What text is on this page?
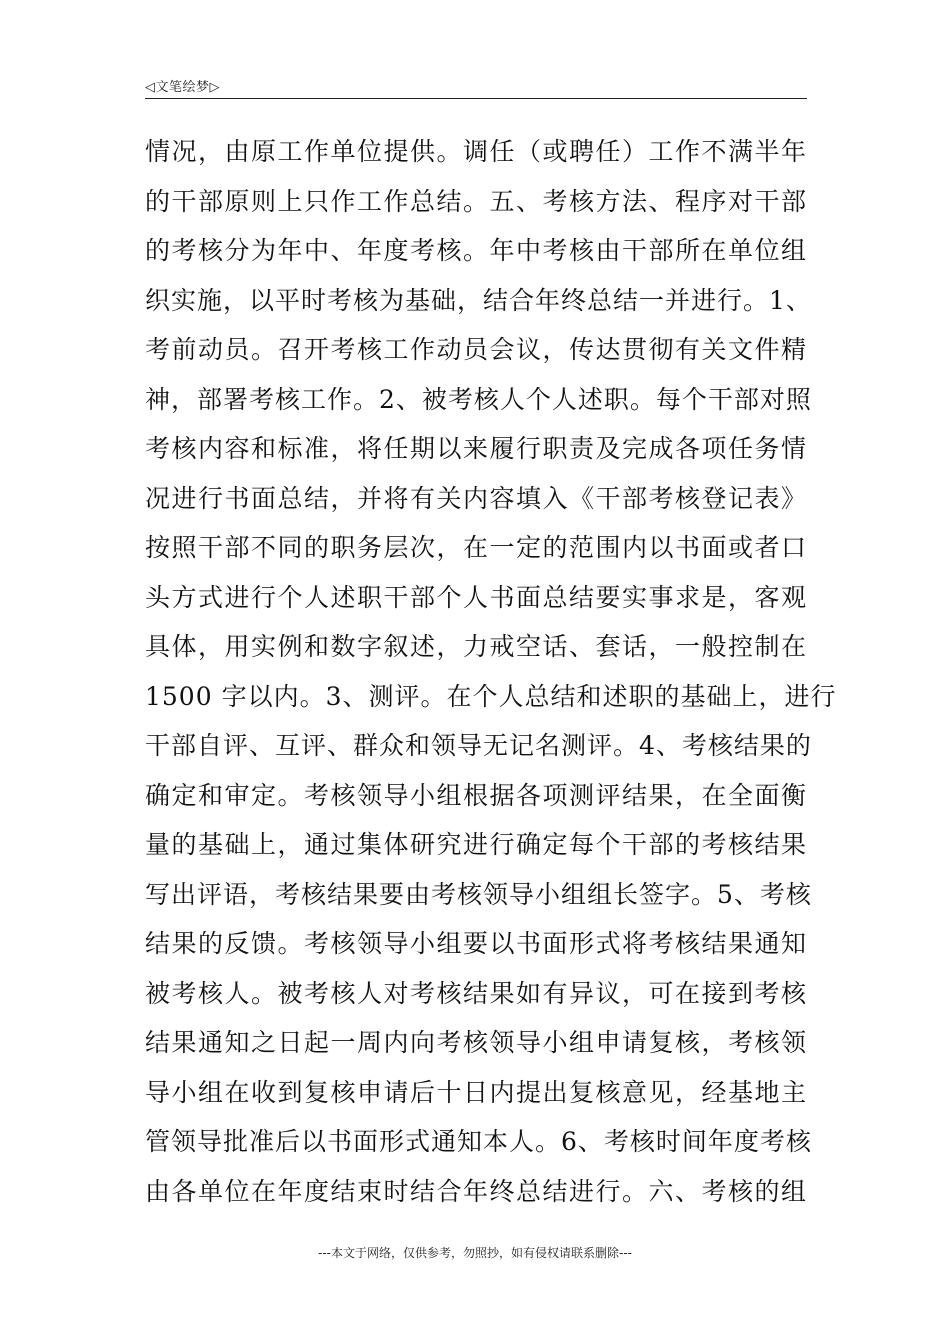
◁文笔绘梦▷
情况，由原工作单位提供。调任（或聘任）工作不满半年
的干部原则上只作工作总结。五、考核方法、程序对干部
的考核分为年中、年度考核。年中考核由干部所在单位组
织实施，以平时考核为基础，结合年终总结一并进行。1、
考前动员。召开考核工作动员会议，传达贯彻有关文件精
神，部署考核工作。2、被考核人个人述职。每个干部对照
考核内容和标准，将任期以来履行职责及完成各项任务情
况进行书面总结，并将有关内容填入《干部考核登记表》
按照干部不同的职务层次，在一定的范围内以书面或者口
头方式进行个人述职干部个人书面总结要实事求是，客观
具体，用实例和数字叙述，力戒空话、套话，一般控制在
1500 字以内。3、测评。在个人总结和述职的基础上，进行
干部自评、互评、群众和领导无记名测评。4、考核结果的
确定和审定。考核领导小组根据各项测评结果，在全面衡
量的基础上，通过集体研究进行确定每个干部的考核结果
写出评语，考核结果要由考核领导小组组长签字。5、考核
结果的反馈。考核领导小组要以书面形式将考核结果通知
被考核人。被考核人对考核结果如有异议，可在接到考核
结果通知之日起一周内向考核领导小组申请复核，考核领
导小组在收到复核申请后十日内提出复核意见，经基地主
管领导批准后以书面形式通知本人。6、考核时间年度考核
由各单位在年度结束时结合年终总结进行。六、考核的组
---本文于网络，仅供参考，勿照抄，如有侵权请联系删除---
